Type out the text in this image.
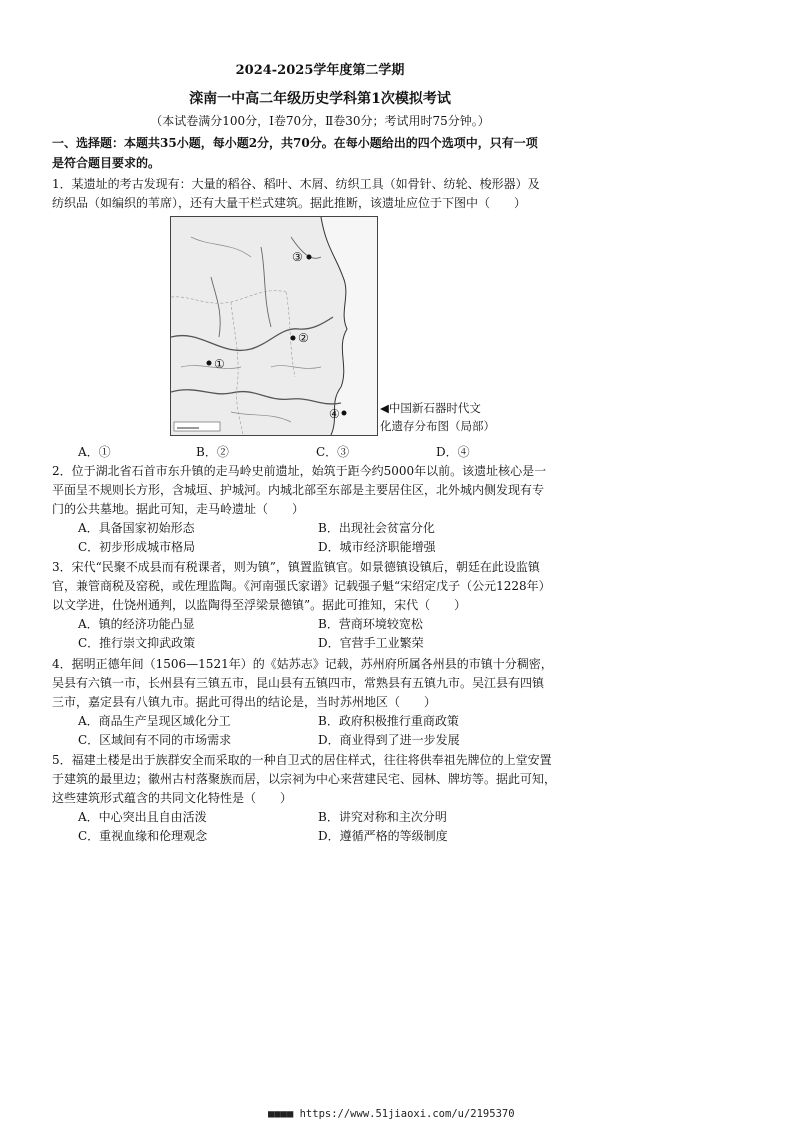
2024-2025学年度第二学期
滦南一中高二年级历史学科第1次模拟考试
（本试卷满分100分，Ⅰ卷70分，Ⅱ卷30分；考试用时75分钟。）
一、选择题：本题共35小题，每小题2分，共70分。在每小题给出的四个选项中，只有一项
是符合题目要求的。
1．某遗址的考古发现有：大量的稻谷、稻叶、木屑、纺织工具（如骨针、纺轮、梭形器）及
纺织品（如编织的苇席），还有大量干栏式建筑。据此推断，该遗址应位于下图中（　　）
①
②
③
④	◀中国新石器时代文
化遗存分布图（局部）
A．①	B．②	C．③	D．④
2．位于湖北省石首市东升镇的走马岭史前遗址，始筑于距今约5000年以前。该遗址核心是一
平面呈不规则长方形，含城垣、护城河。内城北部至东部是主要居住区，北外城内侧发现有专
门的公共墓地。据此可知，走马岭遗址（　　）
A．具备国家初始形态	B．出现社会贫富分化
C．初步形成城市格局	D．城市经济职能增强
3．宋代“民聚不成县而有税课者，则为镇”，镇置监镇官。如景德镇设镇后，朝廷在此设监镇
官，兼管商税及窑税，或佐理监陶。《河南强氏家谱》记载强子魁“宋绍定戊子（公元1228年）
以文学进，仕饶州通判，以监陶得至浮梁景德镇”。据此可推知，宋代（　　）
A．镇的经济功能凸显	B．营商环境较宽松
C．推行崇文抑武政策	D．官营手工业繁荣
4．据明正德年间（1506—1521年）的《姑苏志》记载，苏州府所属各州县的市镇十分稠密，
吴县有六镇一市，长州县有三镇五市，昆山县有五镇四市，常熟县有五镇九市。吴江县有四镇
三市，嘉定县有八镇九市。据此可得出的结论是，当时苏州地区（　　）
A．商品生产呈现区域化分工	B．政府积极推行重商政策
C．区域间有不同的市场需求	D．商业得到了进一步发展
5．福建土楼是出于族群安全而采取的一种自卫式的居住样式，往往将供奉祖先牌位的上堂安置
于建筑的最里边；徽州古村落聚族而居，以宗祠为中心来营建民宅、园林、牌坊等。据此可知，
这些建筑形式蕴含的共同文化特性是（　　）
A．中心突出且自由活泼	B．讲究对称和主次分明
C．重视血缘和伦理观念	D．遵循严格的等级制度
■■■■ https://www.51jiaoxi.com/u/2195370
